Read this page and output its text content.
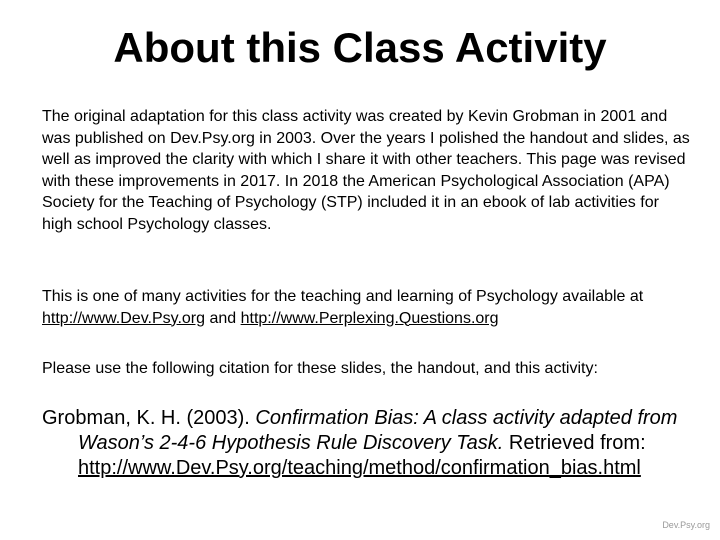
About this Class Activity

The original adaptation for this class activity was created by Kevin Grobman in 2001 and was published on Dev.Psy.org in 2003. Over the years I polished the handout and slides, as well as improved the clarity with which I share it with other teachers. This page was revised with these improvements in 2017. In 2018 the American Psychological Association (APA) Society for the Teaching of Psychology (STP) included it in an ebook of lab activities for high school Psychology classes.

This is one of many activities for the teaching and learning of Psychology available at http://www.Dev.Psy.org and http://www.Perplexing.Questions.org

Please use the following citation for these slides, the handout, and this activity:

Grobman, K. H. (2003). Confirmation Bias: A class activity adapted from Wason’s 2-4-6 Hypothesis Rule Discovery Task. Retrieved from: http://www.Dev.Psy.org/teaching/method/confirmation_bias.html

Dev.Psy.org
